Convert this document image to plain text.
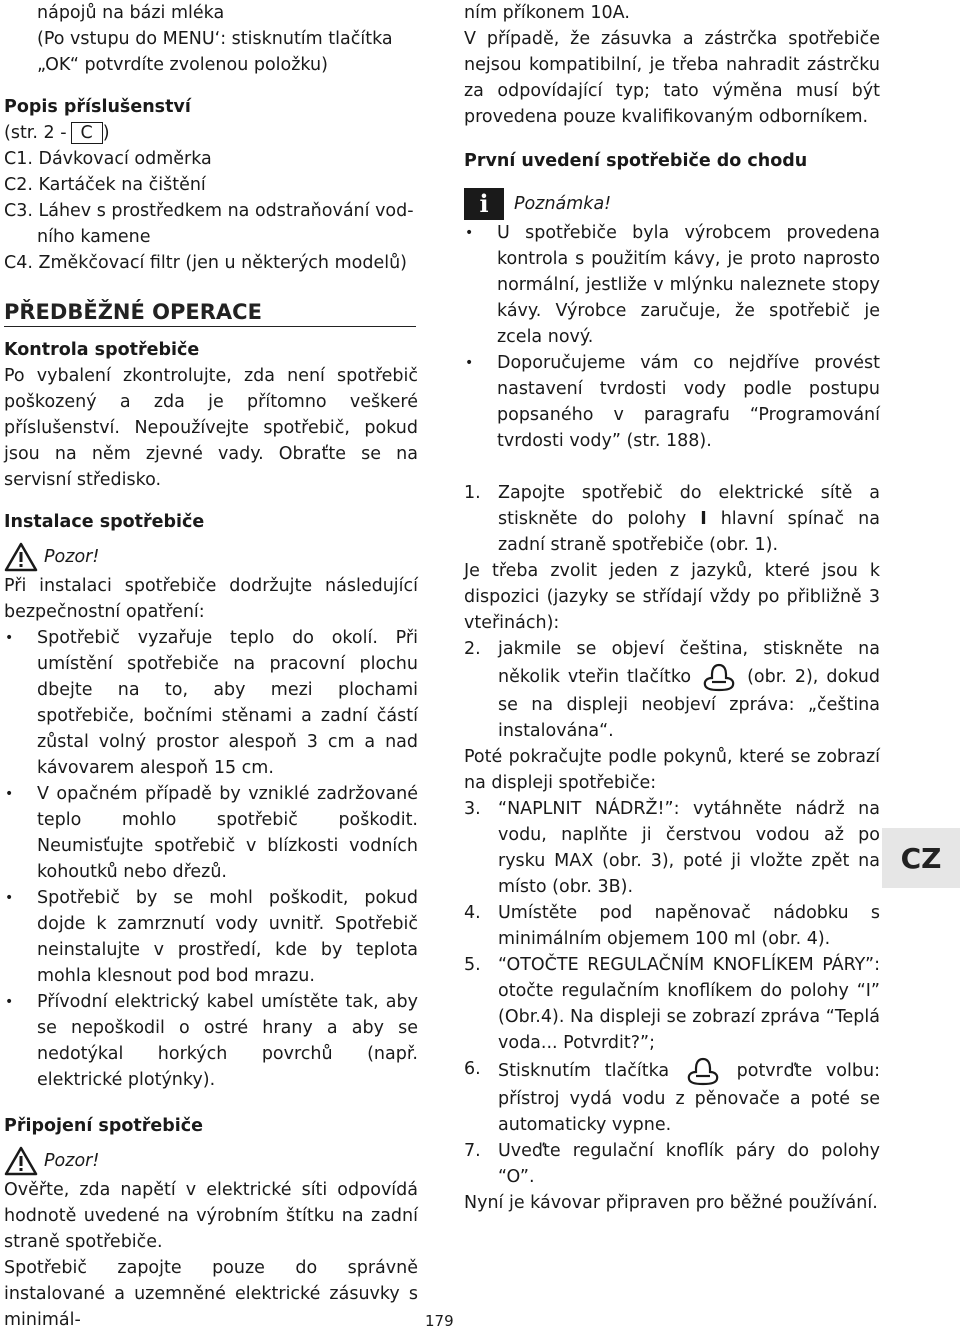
nápojů na bázi mléka

(Po vstupu do MENU‘: stisknutím tlačítka

„OK“ potvrdíte zvolenou položku)

Popis příslušenství

(str. 2 - C )

C1. Dávkovací odměrka

C2. Kartáček na čištění

C3. Láhev s prostředkem na odstraňování vod-

ního kamene

C4. Změkčovací filtr (jen u některých modelů)

PŘEDBĚŽNÉ OPERACE

Kontrola spotřebiče

Po vybalení zkontrolujte, zda není spotřebič poškozený a zda je přítomno veškeré příslušenství. Nepoužívejte spotřebič, pokud jsou na něm zjevné vady. Obraťte se na servisní středisko.

Instalace spotřebiče

Pozor!

Při instalaci spotřebiče dodržujte následující bezpečnostní opatření:

• Spotřebič vyzařuje teplo do okolí. Při umístění spotřebiče na pracovní plochu dbejte na to, aby mezi plochami spotřebiče, bočními stěnami a zadní částí zůstal volný prostor alespoň 3 cm a nad kávovarem alespoň 15 cm.
• V opačném případě by vzniklé zadržované teplo mohlo spotřebič poškodit. Neumisťujte spotřebič v blízkosti vodních kohoutků nebo dřezů.
• Spotřebič by se mohl poškodit, pokud dojde k zamrznutí vody uvnitř. Spotřebič neinstalujte v prostředí, kde by teplota mohla klesnout pod bod mrazu.
• Přívodní elektrický kabel umístěte tak, aby se nepoškodil o ostré hrany a aby se nedotýkal horkých povrchů (např. elektrické plotýnky).

Připojení spotřebiče

Pozor!

Ověřte, zda napětí v elektrické síti odpovídá hodnotě uvedené na výrobním štítku na zadní straně spotřebiče.

Spotřebič zapojte pouze do správně instalované a uzemněné elektrické zásuvky s minimál-

ním příkonem 10A.

V případě, že zásuvka a zástrčka spotřebiče nejsou kompatibilní, je třeba nahradit zástrčku za odpovídající typ; tato výměna musí být provedena pouze kvalifikovaným odborníkem.

První uvedení spotřebiče do chodu

i	Poznámka!
• U spotřebiče byla výrobcem provedena kontrola s použitím kávy, je proto naprosto normální, jestliže v mlýnku naleznete stopy kávy. Výrobce zaručuje, že spotřebič je zcela nový.
• Doporučujeme vám co nejdříve provést nastavení tvrdosti vody podle postupu popsaného v paragrafu “Programování tvrdosti vody” (str. 188).
1. Zapojte spotřebič do elektrické sítě a stiskněte do polohy I hlavní spínač na zadní straně spotřebiče (obr. 1).

Je třeba zvolit jeden z jazyků, které jsou k dispozici (jazyky se střídají vždy po přibližně 3 vteřinách):

2. jakmile se objeví čeština, stiskněte na několik vteřin tlačítko	(obr. 2), dokud se na displeji neobjeví zpráva: „čeština instalována“.

Poté pokračujte podle pokynů, které se zobrazí na displeji spotřebiče:

3. “NAPLNIT NÁDRŽ!”: vytáhněte nádrž na vodu, naplňte ji čerstvou vodou až po rysku MAX (obr. 3), poté ji vložte zpět na místo (obr. 3B).
4. Umístěte pod napěnovač nádobku s minimálním objemem 100 ml (obr. 4).
5. “OTOČTE REGULAČNÍM KNOFLÍKEM PÁRY”: otočte regulačním knoflíkem do polohy “I” (Obr.4). Na displeji se zobrazí zpráva “Teplá voda... Potvrdit?”;
6. Stisknutím tlačítka	potvrďte volbu: přístroj vydá vodu z pěnovače a poté se automaticky vypne.
7. Uveďte regulační knoflík páry do polohy “O”.

Nyní je kávovar připraven pro běžné používání.

CZ
179
